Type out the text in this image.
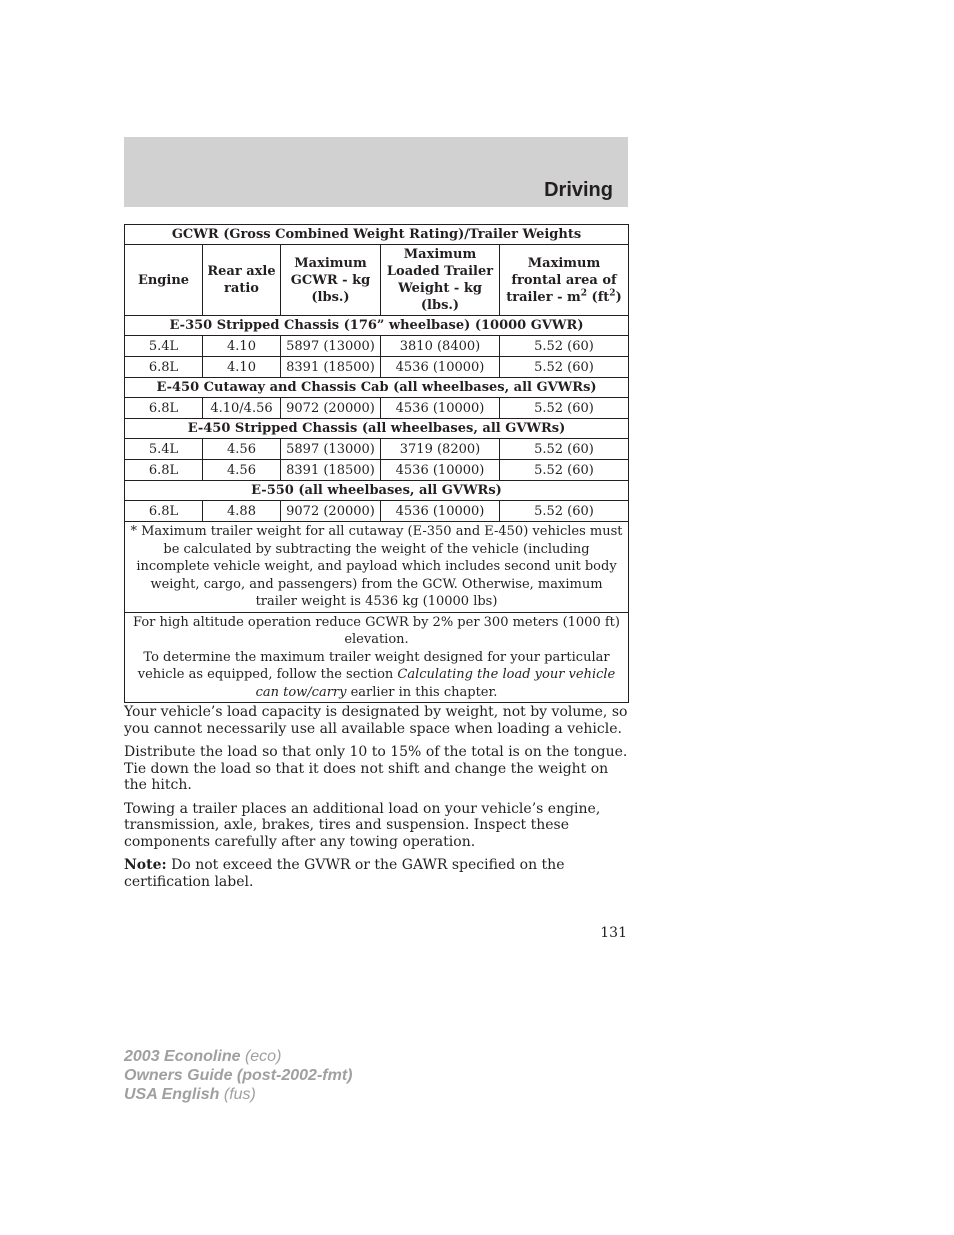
Driving
GCWR (Gross Combined Weight Rating)/Trailer Weights				
Engine	Rear axle ratio	Maximum GCWR - kg (lbs.)	Maximum Loaded Trailer Weight - kg (lbs.)	Maximum frontal area of trailer - $m^2$ $(ft^2)$
E-350 Stripped Chassis (176” wheelbase) (10000 GVWR)				
5.4L	4.10	5897 (13000)	3810 (8400)	5.52 (60)
6.8L	4.10	8391 (18500)	4536 (10000)	5.52 (60)
E-450 Cutaway and Chassis Cab (all wheelbases, all GVWRs)				
6.8L	4.10/4.56	9072 (20000)	4536 (10000)	5.52 (60)
E-450 Stripped Chassis (all wheelbases, all GVWRs)				
5.4L	4.56	5897 (13000)	3719 (8200)	5.52 (60)
6.8L	4.56	8391 (18500)	4536 (10000)	5.52 (60)
E-550 (all wheelbases, all GVWRs)				
6.8L	4.88	9072 (20000)	4536 (10000)	5.52 (60)
* Maximum trailer weight for all cutaway (E-350 and E-450) vehicles must be calculated by subtracting the weight of the vehicle (including incomplete vehicle weight, and payload which includes second unit body weight, cargo, and passengers) from the GCW. Otherwise, maximum trailer weight is 4536 kg (10000 lbs)				
For high altitude operation reduce GCWR by 2% per 300 meters (1000 ft) elevation.
To determine the maximum trailer weight designed for your particular vehicle as equipped, follow the section Calculating the load your vehicle can tow/carry earlier in this chapter.				

Your vehicle’s load capacity is designated by weight, not by volume, so you cannot necessarily use all available space when loading a vehicle.

Distribute the load so that only 10 to 15% of the total is on the tongue. Tie down the load so that it does not shift and change the weight on the hitch.

Towing a trailer places an additional load on your vehicle’s engine, transmission, axle, brakes, tires and suspension. Inspect these components carefully after any towing operation.

Note: Do not exceed the GVWR or the GAWR specified on the certification label.

131
2003 Econoline (eco)
Owners Guide (post-2002-fmt)
USA English (fus)
